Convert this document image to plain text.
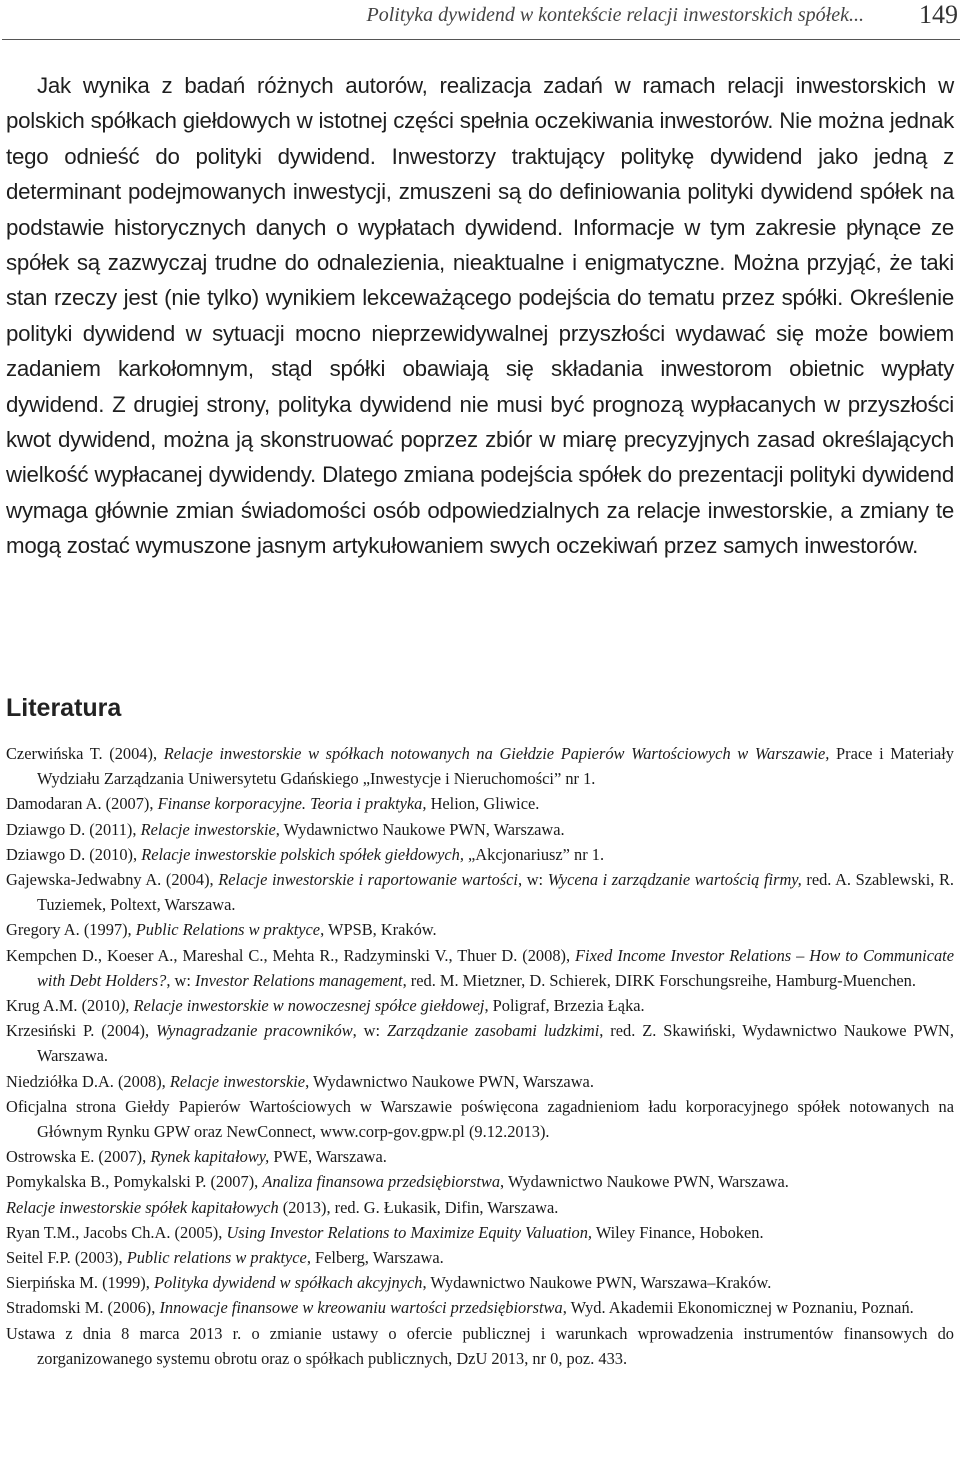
Polityka dywidend w kontekście relacji inwestorskich spółek... 149

Jak wynika z badań różnych autorów, realizacja zadań w ramach relacji inwestorskich w polskich spółkach giełdowych w istotnej części spełnia oczekiwania inwestorów. Nie można jednak tego odnieść do polityki dywidend. Inwestorzy traktujący politykę dywidend jako jedną z determinant podejmowanych inwestycji, zmuszeni są do definiowania polityki dywidend spółek na podstawie historycznych danych o wypłatach dywidend. Informacje w tym zakresie płynące ze spółek są zazwyczaj trudne do odnalezienia, nieaktualne i enigmatyczne. Można przyjąć, że taki stan rzeczy jest (nie tylko) wynikiem lekceważącego podejścia do tematu przez spółki. Określenie polityki dywidend w sytuacji mocno nieprzewidywalnej przyszłości wydawać się może bowiem zadaniem karkołomnym, stąd spółki obawiają się składania inwestorom obietnic wypłaty dywidend. Z drugiej strony, polityka dywidend nie musi być prognozą wypłacanych w przyszłości kwot dywidend, można ją skonstruować poprzez zbiór w miarę precyzyjnych zasad określających wielkość wypłacanej dywidendy. Dlatego zmiana podejścia spółek do prezentacji polityki dywidend wymaga głównie zmian świadomości osób odpowiedzialnych za relacje inwestorskie, a zmiany te mogą zostać wymuszone jasnym artykułowaniem swych oczekiwań przez samych inwestorów.

Literatura
Czerwińska T. (2004), Relacje inwestorskie w spółkach notowanych na Giełdzie Papierów Wartościowych w Warszawie, Prace i Materiały Wydziału Zarządzania Uniwersytetu Gdańskiego „Inwestycje i Nieruchomości” nr 1.
Damodaran A. (2007), Finanse korporacyjne. Teoria i praktyka, Helion, Gliwice.
Dziawgo D. (2011), Relacje inwestorskie, Wydawnictwo Naukowe PWN, Warszawa.
Dziawgo D. (2010), Relacje inwestorskie polskich spółek giełdowych, „Akcjonariusz” nr 1.
Gajewska-Jedwabny A. (2004), Relacje inwestorskie i raportowanie wartości, w: Wycena i zarządzanie wartością firmy, red. A. Szablewski, R. Tuziemek, Poltext, Warszawa.
Gregory A. (1997), Public Relations w praktyce, WPSB, Kraków.
Kempchen D., Koeser A., Mareshal C., Mehta R., Radzyminski V., Thuer D. (2008), Fixed Income Investor Relations – How to Communicate with Debt Holders?, w: Investor Relations management, red. M. Mietzner, D. Schierek, DIRK Forschungsreihe, Hamburg-Muenchen.
Krug A.M. (2010), Relacje inwestorskie w nowoczesnej spółce giełdowej, Poligraf, Brzezia Łąka.
Krzesiński P. (2004), Wynagradzanie pracowników, w: Zarządzanie zasobami ludzkimi, red. Z. Skawiński, Wydawnictwo Naukowe PWN, Warszawa.
Niedziółka D.A. (2008), Relacje inwestorskie, Wydawnictwo Naukowe PWN, Warszawa.
Oficjalna strona Giełdy Papierów Wartościowych w Warszawie poświęcona zagadnieniom ładu korporacyjnego spółek notowanych na Głównym Rynku GPW oraz NewConnect, www.corp-gov.gpw.pl (9.12.2013).
Ostrowska E. (2007), Rynek kapitałowy, PWE, Warszawa.
Pomykalska B., Pomykalski P. (2007), Analiza finansowa przedsiębiorstwa, Wydawnictwo Naukowe PWN, Warszawa.
Relacje inwestorskie spółek kapitałowych (2013), red. G. Łukasik, Difin, Warszawa.
Ryan T.M., Jacobs Ch.A. (2005), Using Investor Relations to Maximize Equity Valuation, Wiley Finance, Hoboken.
Seitel F.P. (2003), Public relations w praktyce, Felberg, Warszawa.
Sierpińska M. (1999), Polityka dywidend w spółkach akcyjnych, Wydawnictwo Naukowe PWN, Warszawa–Kraków.
Stradomski M. (2006), Innowacje finansowe w kreowaniu wartości przedsiębiorstwa, Wyd. Akademii Ekonomicznej w Poznaniu, Poznań.
Ustawa z dnia 8 marca 2013 r. o zmianie ustawy o ofercie publicznej i warunkach wprowadzenia instrumentów finansowych do zorganizowanego systemu obrotu oraz o spółkach publicznych, DzU 2013, nr 0, poz. 433.
